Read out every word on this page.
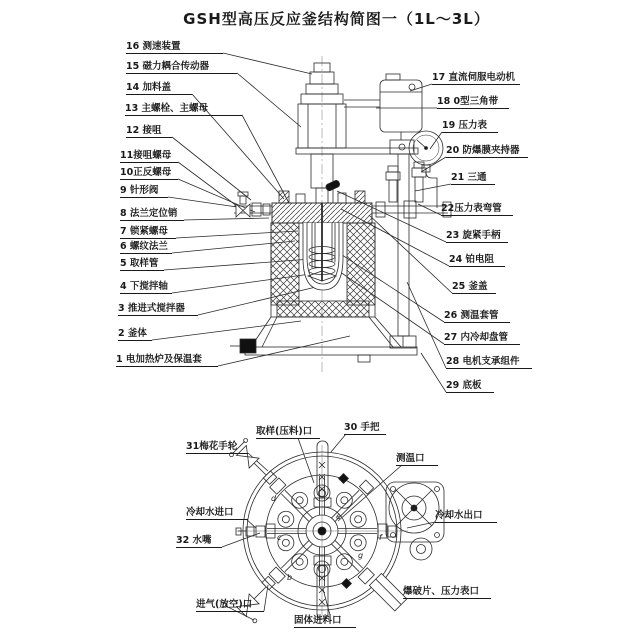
GSH型高压反应釜结构简图一（1L～3L）
16 测速装置
15 磁力耦合传动器
14 加料盖
13 主螺栓、主螺母
12 接咀
11接咀螺母
10正反螺母
9 针形阀
8 法兰定位销
7 锁紧螺母
6 螺纹法兰
5 取样管
4 下搅拌轴
3 推进式搅拌器
2 釜体
1 电加热炉及保温套
17 直流伺服电动机
18 0型三角带
19 压力表
20 防爆膜夹持器
21 三通
22压力表弯管
23 旋紧手柄
24 铂电阻
25 釜盖
26 测温套管
27 内冷却盘管
28 电机支承组件
29 底板
取样(压料)口	30 手把
31梅花手轮
测温口
冷却水进口
32 水嘴
冷却水出口
进气(放空)口
固体进料口
爆破片、压力表口
d
c
b
e
f
g
